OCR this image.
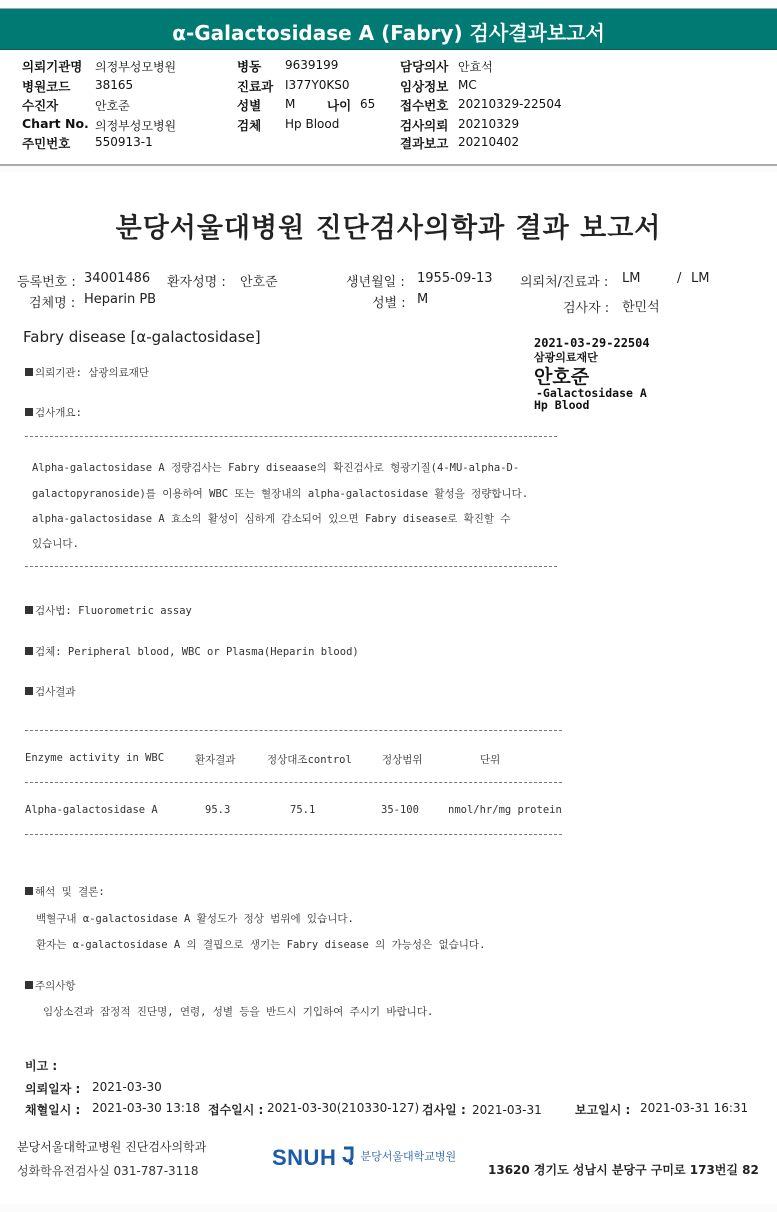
α-Galactosidase A (Fabry) 검사결과보고서
의뢰기관명 의정부성모병원
병원코드 38165
수진자	안호준
Chart No. 의정부성모병원
주민번호 550913-1
병동 9639199
진료과 I377Y0KS0
성별 M
검체 Hp Blood
나이 65
담당의사 안효석
임상정보 MC
접수번호 20210329-22504
검사의뢰 20210329
결과보고 20210402
분당서울대병원 진단검사의학과 결과 보고서
등록번호 : 34001486 환자성명 : 안호준	생년월일 : 1955-09-13 의뢰처/진료과 : LM	/ LM
검체명 : Heparin PB	성별 : M
검사자 : 한민석
Fabry disease [α-galactosidase]	2021-03-29-22504
삼광의료재단
안호준
-Galactosidase A
Hp Blood
의뢰기관: 삼광의료재단
검사개요:
Alpha-galactosidase A 정량검사는 Fabry diseaase의 확진검사로 형광기질(4-MU-alpha-D-
galactopyranoside)를 이용하여 WBC 또는 혈장내의 alpha-galactosidase 활성을 정량합니다.
alpha-galactosidase A 효소의 활성이 심하게 감소되어 있으면 Fabry disease로 확진할 수
있습니다.
검사법: Fluorometric assay
검체: Peripheral blood, WBC or Plasma(Heparin blood)
검사결과
Enzyme activity in WBC	환자결과	정상대조control	정상범위	단위
Alpha-galactosidase A	95.3	75.1	35-100	nmol/hr/mg protein
해석 및 결론:
백혈구내 α-galactosidase A 활성도가 정상 범위에 있습니다.
환자는 α-galactosidase A 의 결핍으로 생기는 Fabry disease 의 가능성은 없습니다.
주의사항
임상소견과 잠정적 진단명, 연령, 성별 등을 반드시 기입하여 주시기 바랍니다.
비고 :
의뢰일자 : 2021-03-30
채혈일시 : 2021-03-30 13:18 접수일시 : 2021-03-30(210330-127) 검사일 : 2021-03-31	보고일시 : 2021-03-31 16:31
분당서울대학교병원 진단검사의학과
성화학유전검사실 031-787-3118
SNUH $^{분당서울대학교병원}$
13620 경기도 성남시 분당구 구미로 173번길 82
